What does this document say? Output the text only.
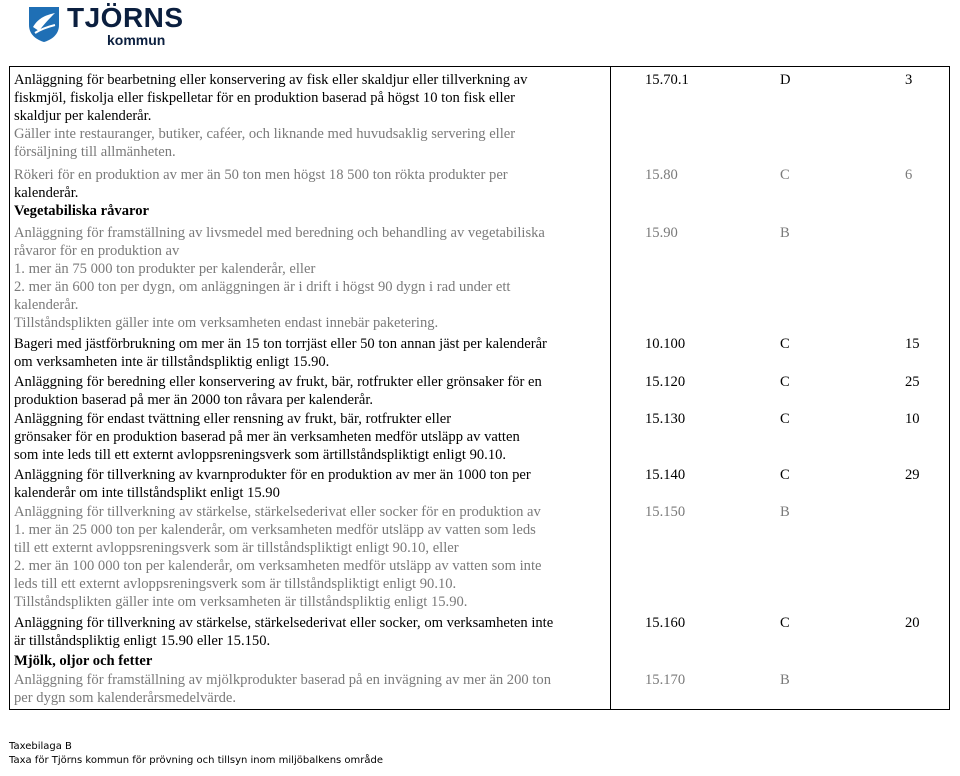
TJÖRNS
kommun
Anläggning för bearbetning eller konservering av fisk eller skaldjur eller tillverkning av
fiskmjöl, fiskolja eller fiskpelletar för en produktion baserad på högst 10 ton fisk eller
skaldjur per kalenderår.
Gäller inte restauranger, butiker, caféer, och liknande med huvudsaklig servering eller
försäljning till allmänheten.
15.70.1	D	3
Rökeri för en produktion av mer än 50 ton men högst 18 500 ton rökta produkter per
kalenderår.
15.80	C	6
Vegetabiliska råvaror
Anläggning för framställning av livsmedel med beredning och behandling av vegetabiliska
råvaror för en produktion av
1. mer än 75 000 ton produkter per kalenderår, eller
2. mer än 600 ton per dygn, om anläggningen är i drift i högst 90 dygn i rad under ett
kalenderår.
Tillståndsplikten gäller inte om verksamheten endast innebär paketering.
15.90	B
Bageri med jästförbrukning om mer än 15 ton torrjäst eller 50 ton annan jäst per kalenderår
om verksamheten inte är tillståndspliktig enligt 15.90.
10.100	C	15
Anläggning för beredning eller konservering av frukt, bär, rotfrukter eller grönsaker för en
produktion baserad på mer än 2000 ton råvara per kalenderår.
15.120	C	25
Anläggning för endast tvättning eller rensning av frukt, bär, rotfrukter eller
grönsaker för en produktion baserad på mer än verksamheten medför utsläpp av vatten
som inte leds till ett externt avloppsreningsverk som ärtillståndspliktigt enligt 90.10.
15.130	C	10
Anläggning för tillverkning av kvarnprodukter för en produktion av mer än 1000 ton per
kalenderår om inte tillståndsplikt enligt 15.90
15.140	C	29
Anläggning för tillverkning av stärkelse, stärkelsederivat eller socker för en produktion av
1. mer än 25 000 ton per kalenderår, om verksamheten medför utsläpp av vatten som leds
till ett externt avloppsreningsverk som är tillståndspliktigt enligt 90.10, eller
2. mer än 100 000 ton per kalenderår, om verksamheten medför utsläpp av vatten som inte
leds till ett externt avloppsreningsverk som är tillståndspliktigt enligt 90.10.
Tillståndsplikten gäller inte om verksamheten är tillståndspliktig enligt 15.90.
15.150	B
Anläggning för tillverkning av stärkelse, stärkelsederivat eller socker, om verksamheten inte
är tillståndspliktig enligt 15.90 eller 15.150.
15.160	C	20
Mjölk, oljor och fetter
Anläggning för framställning av mjölkprodukter baserad på en invägning av mer än 200 ton
per dygn som kalenderårsmedelvärde.
15.170	B
Taxebilaga B
Taxa för Tjörns kommun för prövning och tillsyn inom miljöbalkens område
